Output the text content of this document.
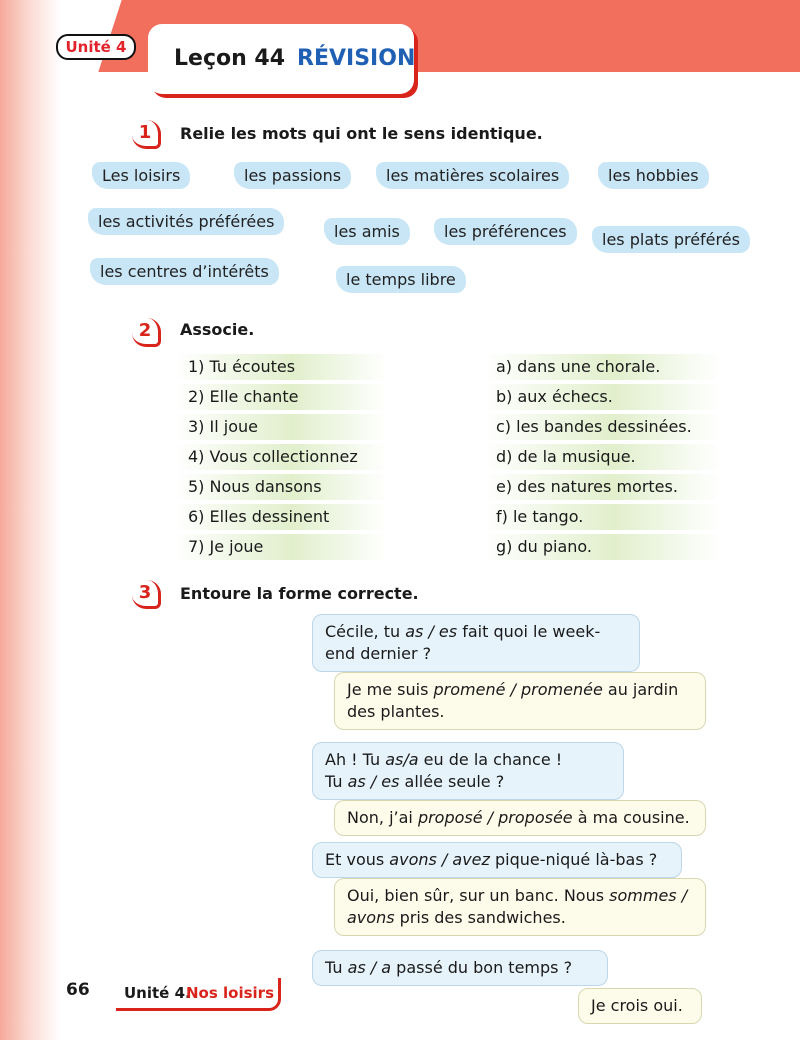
Unité 4	Leçon 44 RÉVISION
1	Relie les mots qui ont le sens identique.
Les loisirs	les passions	les matières scolaires	les hobbies
les activités préférées
les amis	les préférences	les plats préférés
les centres d’intérêts	le temps libre
2	Associe.
1) Tu écoutes
2) Elle chante
3) Il joue
4) Vous collectionnez
5) Nous dansons
6) Elles dessinent
7) Je joue
a) dans une chorale.
b) aux échecs.
c) les bandes dessinées.
d) de la musique.
e) des natures mortes.
f) le tango.
g) du piano.
3	Entoure la forme correcte.
Cécile, tu as / es fait quoi le week-
end dernier ?
Je me suis promené / promenée au jardin
des plantes.
Ah ! Tu as/a eu de la chance !
Tu as / es allée seule ?
Non, j’ai proposé / proposée à ma cousine.
Et vous avons / avez pique-niqué là-bas ?
Oui, bien sûr, sur un banc. Nous sommes /
avons pris des sandwiches.
Tu as / a passé du bon temps ?
Je crois oui.
66 Unité 4.
Nos loisirs
